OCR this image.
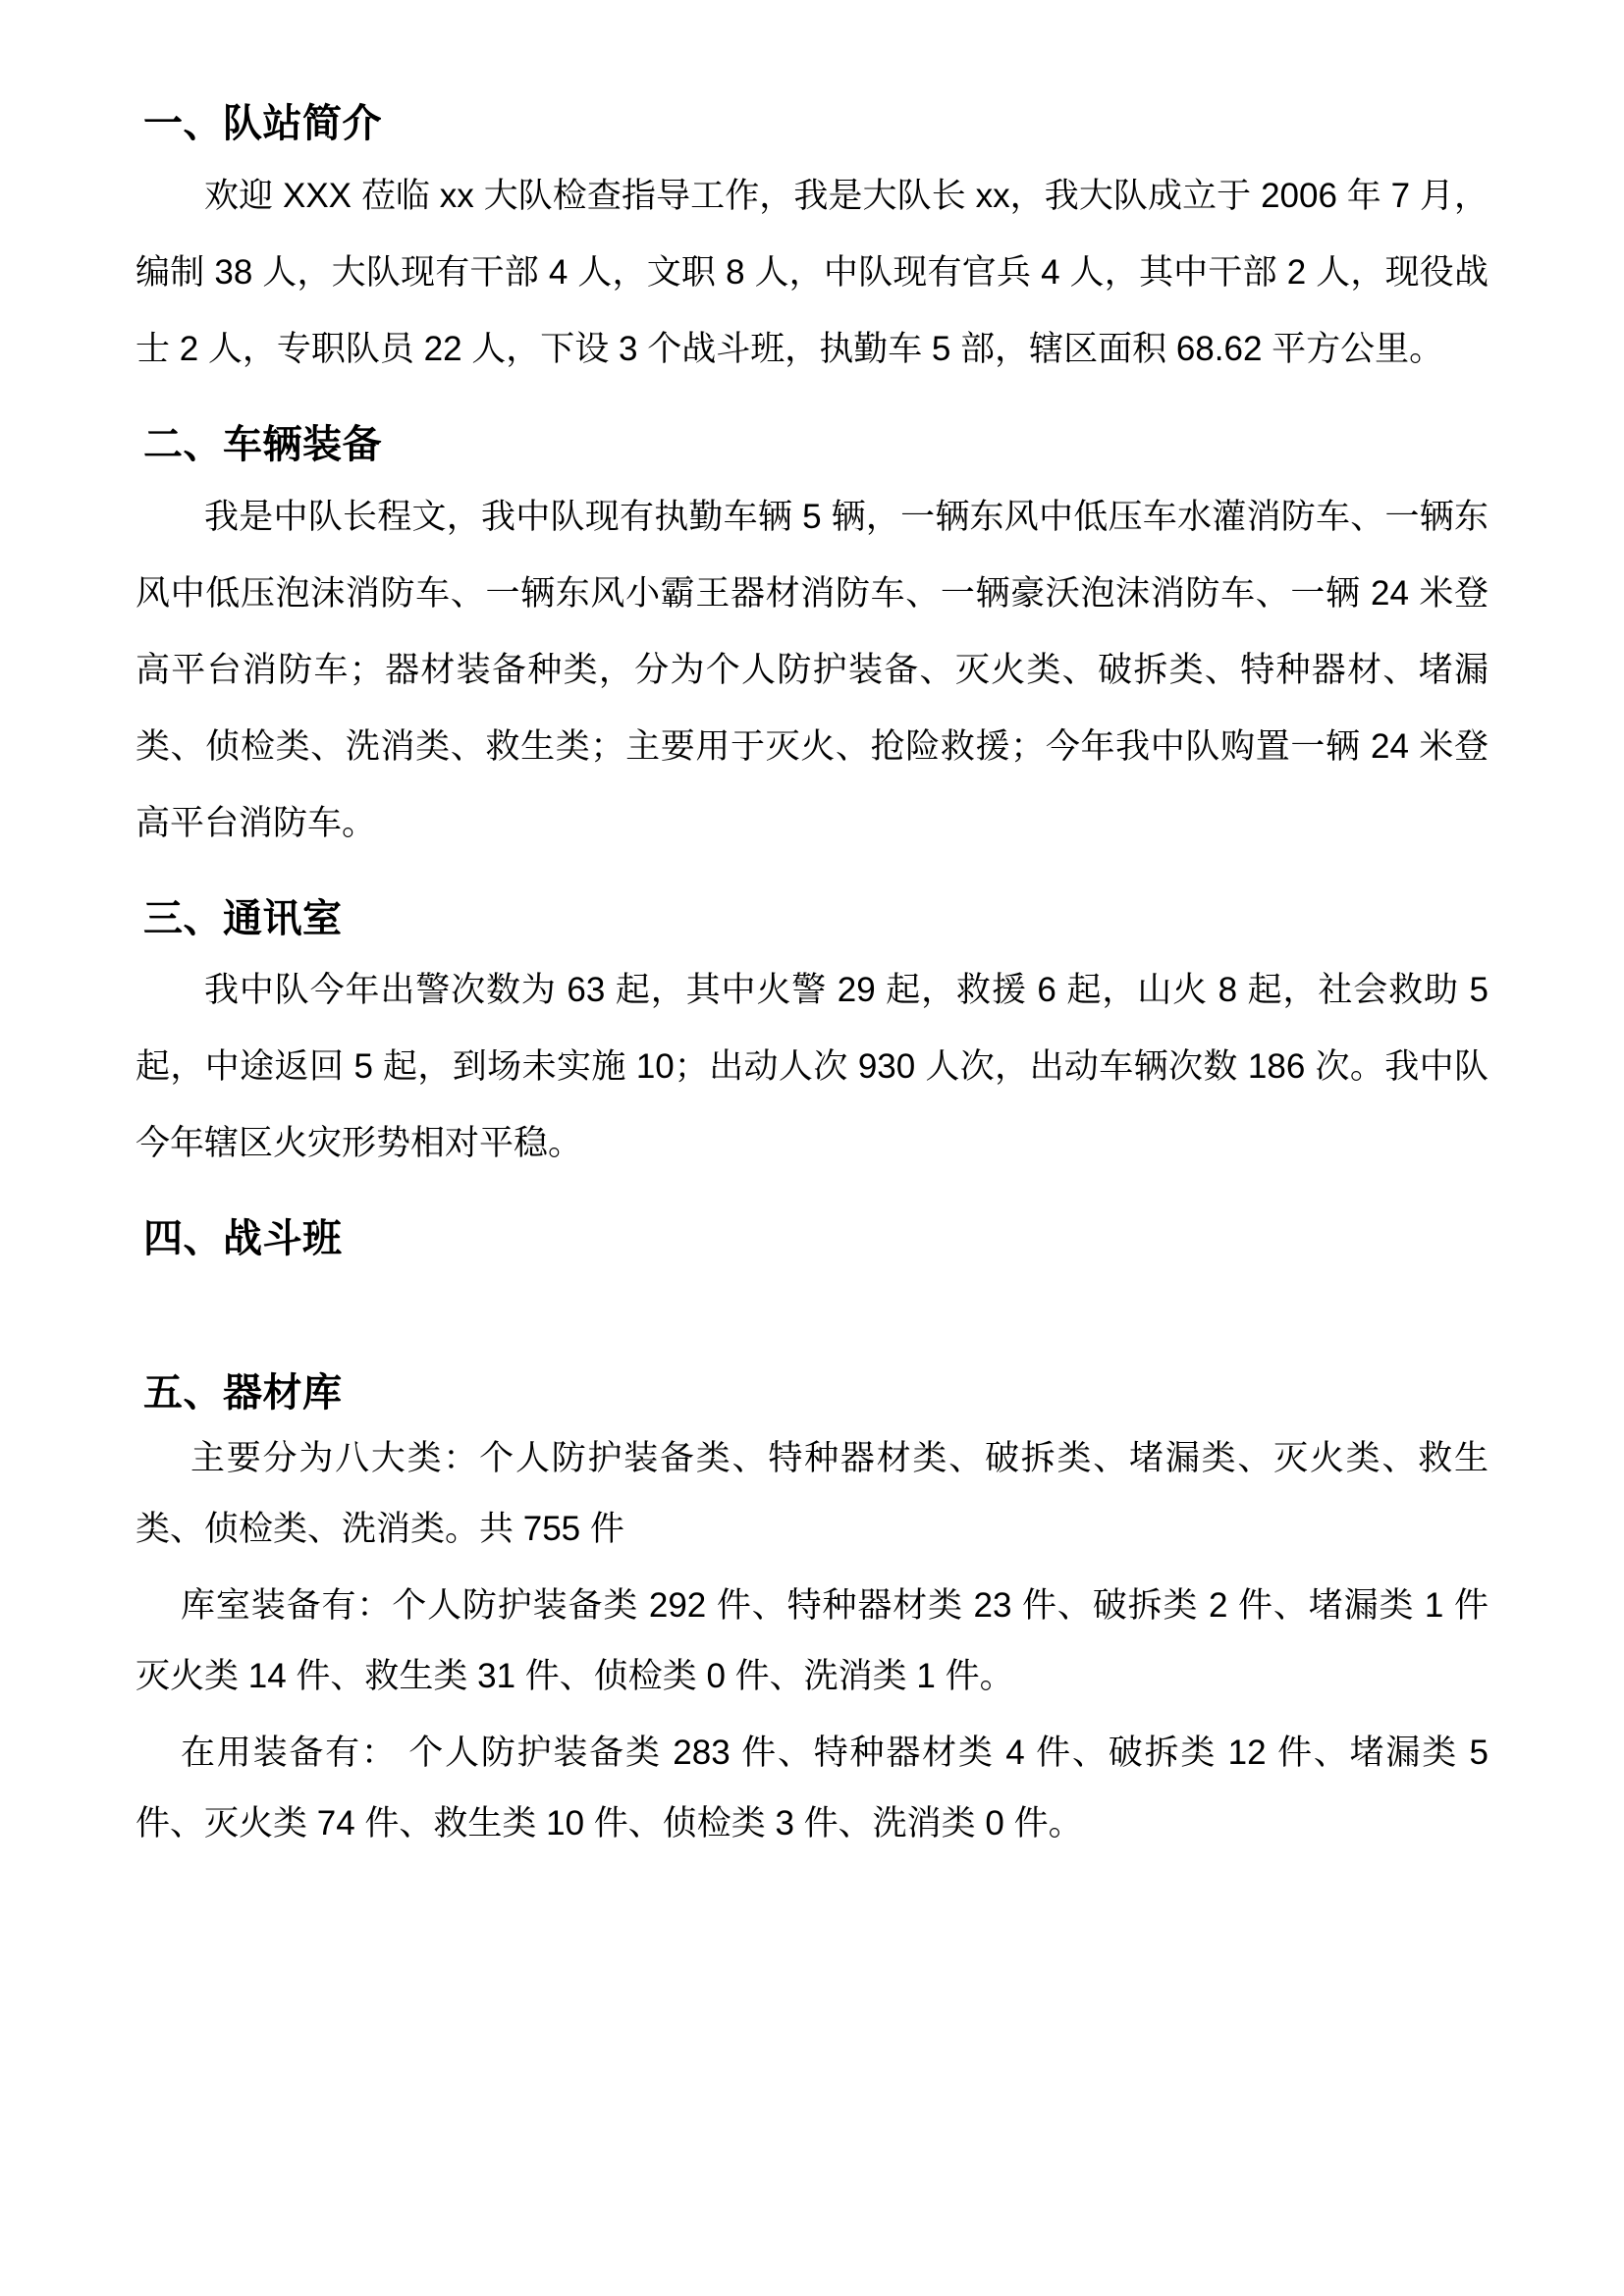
一、队站简介

欢迎 XXX 莅临 xx 大队检查指导工作，我是大队长 xx，我大队成立于 2006 年 7 月，编制 38 人，大队现有干部 4 人，文职 8 人，中队现有官兵 4 人，其中干部 2 人，现役战士 2 人，专职队员 22 人，下设 3 个战斗班，执勤车 5 部，辖区面积 68.62 平方公里。

二、车辆装备

我是中队长程文，我中队现有执勤车辆 5 辆，一辆东风中低压车水灌消防车、一辆东风中低压泡沫消防车、一辆东风小霸王器材消防车、一辆豪沃泡沫消防车、一辆 24 米登高平台消防车；器材装备种类，分为个人防护装备、灭火类、破拆类、特种器材、堵漏类、侦检类、洗消类、救生类；主要用于灭火、抢险救援；今年我中队购置一辆 24 米登高平台消防车。

三、通讯室

我中队今年出警次数为 63 起，其中火警 29 起，救援 6 起，山火 8 起，社会救助 5 起，中途返回 5 起，到场未实施 10；出动人次 930 人次，出动车辆次数 186 次。我中队今年辖区火灾形势相对平稳。

四、战斗班
五、器材库

主要分为八大类：个人防护装备类、特种器材类、破拆类、堵漏类、灭火类、救生类、侦检类、洗消类。共 755 件

库室装备有：个人防护装备类 292 件、特种器材类 23 件、破拆类 2 件、堵漏类 1 件灭火类 14 件、救生类 31 件、侦检类 0 件、洗消类 1 件。

在用装备有： 个人防护装备类 283 件、特种器材类 4 件、破拆类 12 件、堵漏类 5 件、灭火类 74 件、救生类 10 件、侦检类 3 件、洗消类 0 件。
